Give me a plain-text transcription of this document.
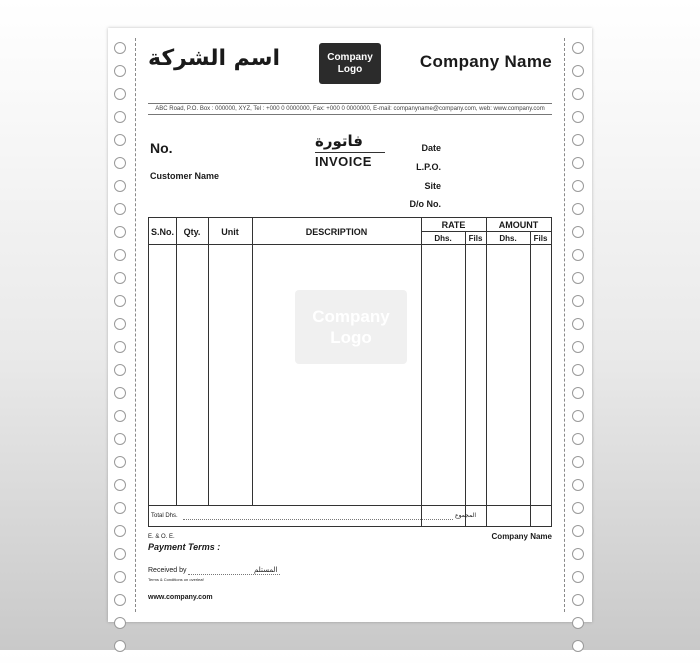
اسم الشركة	Company Logo	Company Name
ABC Road, P.O. Box : 000000, XYZ, Tel : +000 0 0000000, Fax: +000 0 0000000, E-mail: companyname@company.com, web: www.company.com
No.
Customer Name
فاتورة
INVOICE
Date
L.P.O.
Site
D/o No.
S.No.	Qty.	Unit	DESCRIPTION
RATE	AMOUNT
Dhs.	Fils	Dhs.	Fils
Company Logo
Total Dhs.	المجموع
E. & O. E.
Payment Terms :
Company Name
Received by	المستلم
Terms & Conditions on overleaf
www.company.com
